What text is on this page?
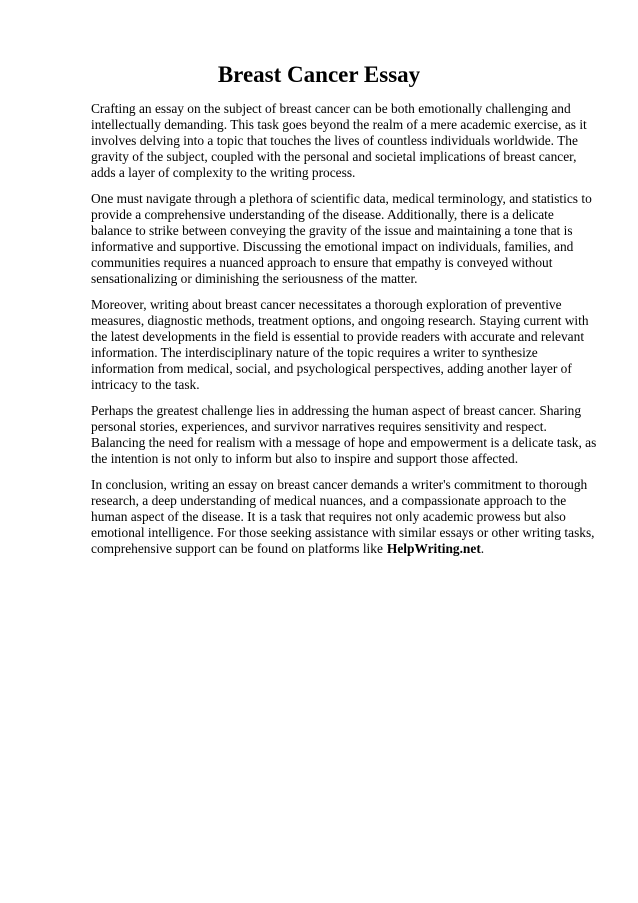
Breast Cancer Essay

Crafting an essay on the subject of breast cancer can be both emotionally challenging and intellectually demanding. This task goes beyond the realm of a mere academic exercise, as it involves delving into a topic that touches the lives of countless individuals worldwide. The gravity of the subject, coupled with the personal and societal implications of breast cancer, adds a layer of complexity to the writing process.

One must navigate through a plethora of scientific data, medical terminology, and statistics to provide a comprehensive understanding of the disease. Additionally, there is a delicate balance to strike between conveying the gravity of the issue and maintaining a tone that is informative and supportive. Discussing the emotional impact on individuals, families, and communities requires a nuanced approach to ensure that empathy is conveyed without sensationalizing or diminishing the seriousness of the matter.

Moreover, writing about breast cancer necessitates a thorough exploration of preventive measures, diagnostic methods, treatment options, and ongoing research. Staying current with the latest developments in the field is essential to provide readers with accurate and relevant information. The interdisciplinary nature of the topic requires a writer to synthesize information from medical, social, and psychological perspectives, adding another layer of intricacy to the task.

Perhaps the greatest challenge lies in addressing the human aspect of breast cancer. Sharing personal stories, experiences, and survivor narratives requires sensitivity and respect. Balancing the need for realism with a message of hope and empowerment is a delicate task, as the intention is not only to inform but also to inspire and support those affected.

In conclusion, writing an essay on breast cancer demands a writer's commitment to thorough research, a deep understanding of medical nuances, and a compassionate approach to the human aspect of the disease. It is a task that requires not only academic prowess but also emotional intelligence. For those seeking assistance with similar essays or other writing tasks, comprehensive support can be found on platforms like HelpWriting.net.
